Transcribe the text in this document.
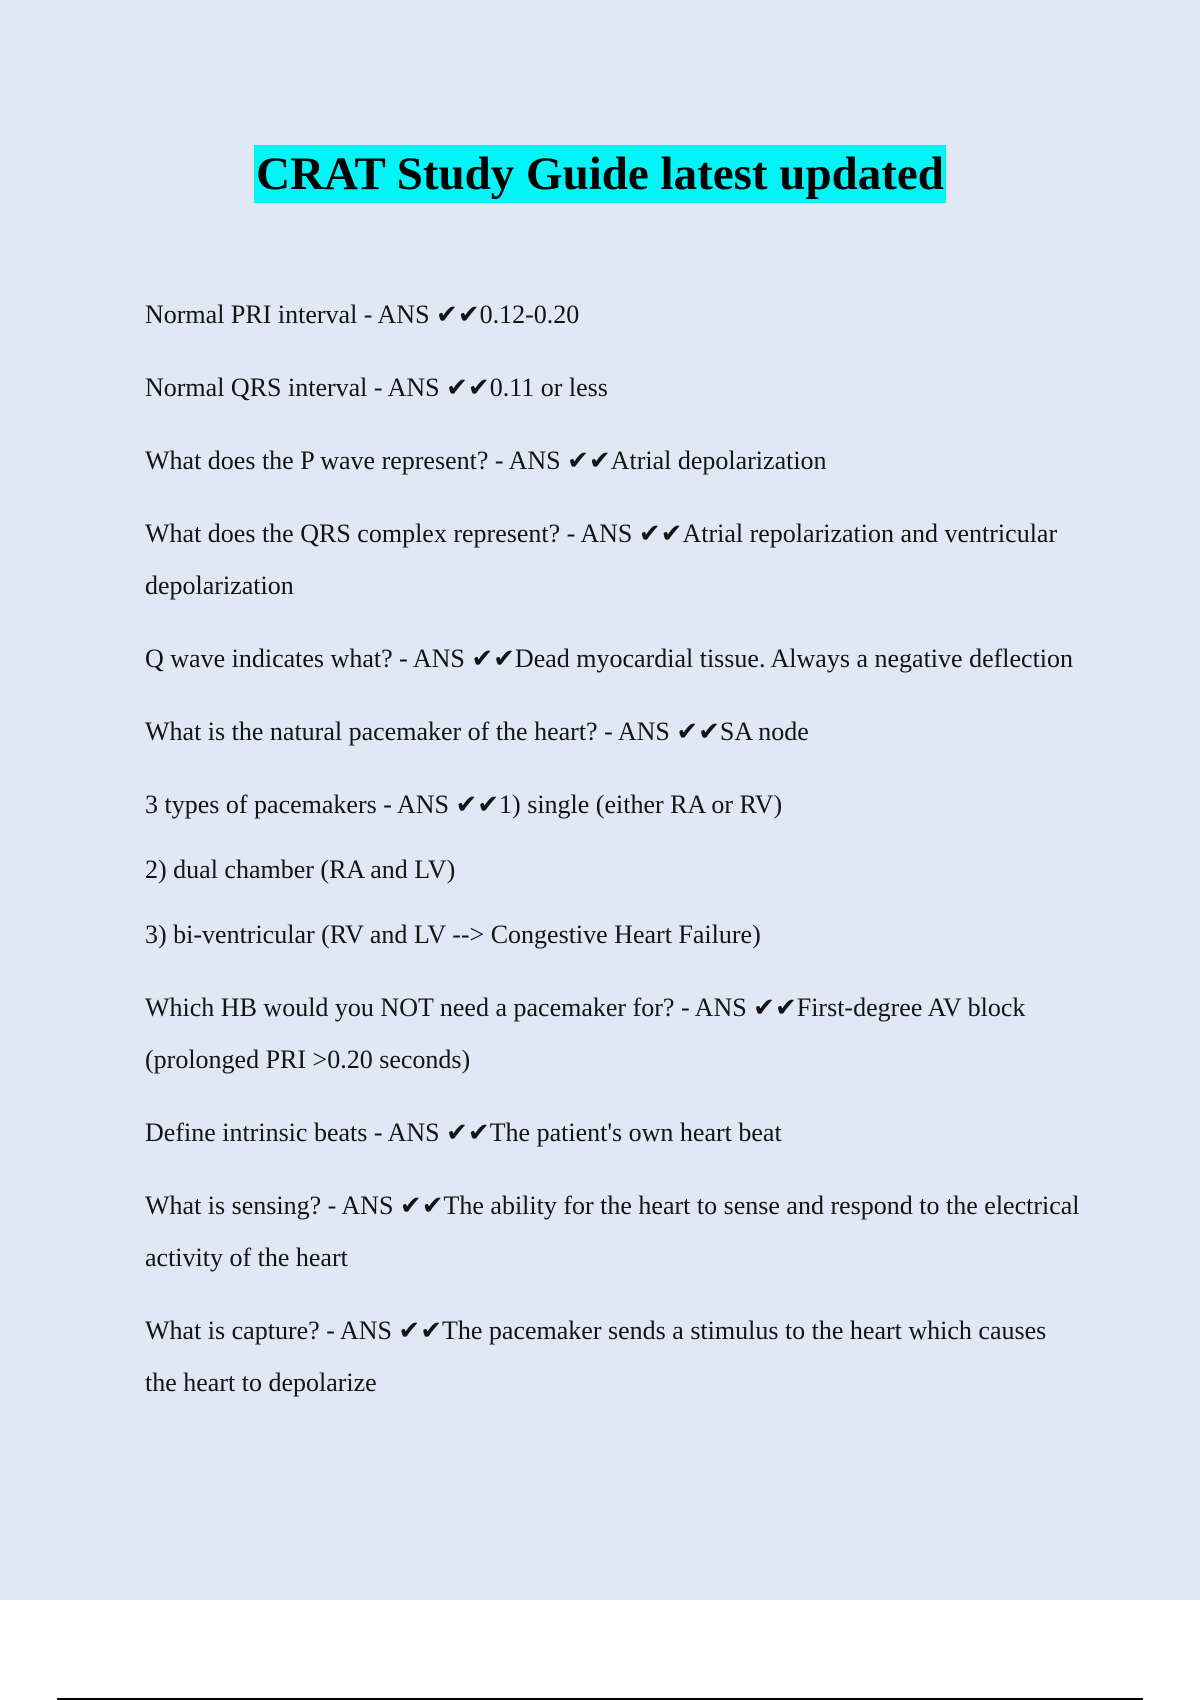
CRAT Study Guide latest updated
Normal PRI interval - ANS ✔✔0.12-0.20
Normal QRS interval - ANS ✔✔0.11 or less
What does the P wave represent? - ANS ✔✔Atrial depolarization
What does the QRS complex represent? - ANS ✔✔Atrial repolarization and ventricular depolarization
Q wave indicates what? - ANS ✔✔Dead myocardial tissue. Always a negative deflection
What is the natural pacemaker of the heart? - ANS ✔✔SA node
3 types of pacemakers - ANS ✔✔1) single (either RA or RV)
2) dual chamber (RA and LV)
3) bi-ventricular (RV and LV --> Congestive Heart Failure)
Which HB would you NOT need a pacemaker for? - ANS ✔✔First-degree AV block (prolonged PRI >0.20 seconds)
Define intrinsic beats - ANS ✔✔The patient's own heart beat
What is sensing? - ANS ✔✔The ability for the heart to sense and respond to the electrical activity of the heart
What is capture? - ANS ✔✔The pacemaker sends a stimulus to the heart which causes the heart to depolarize
